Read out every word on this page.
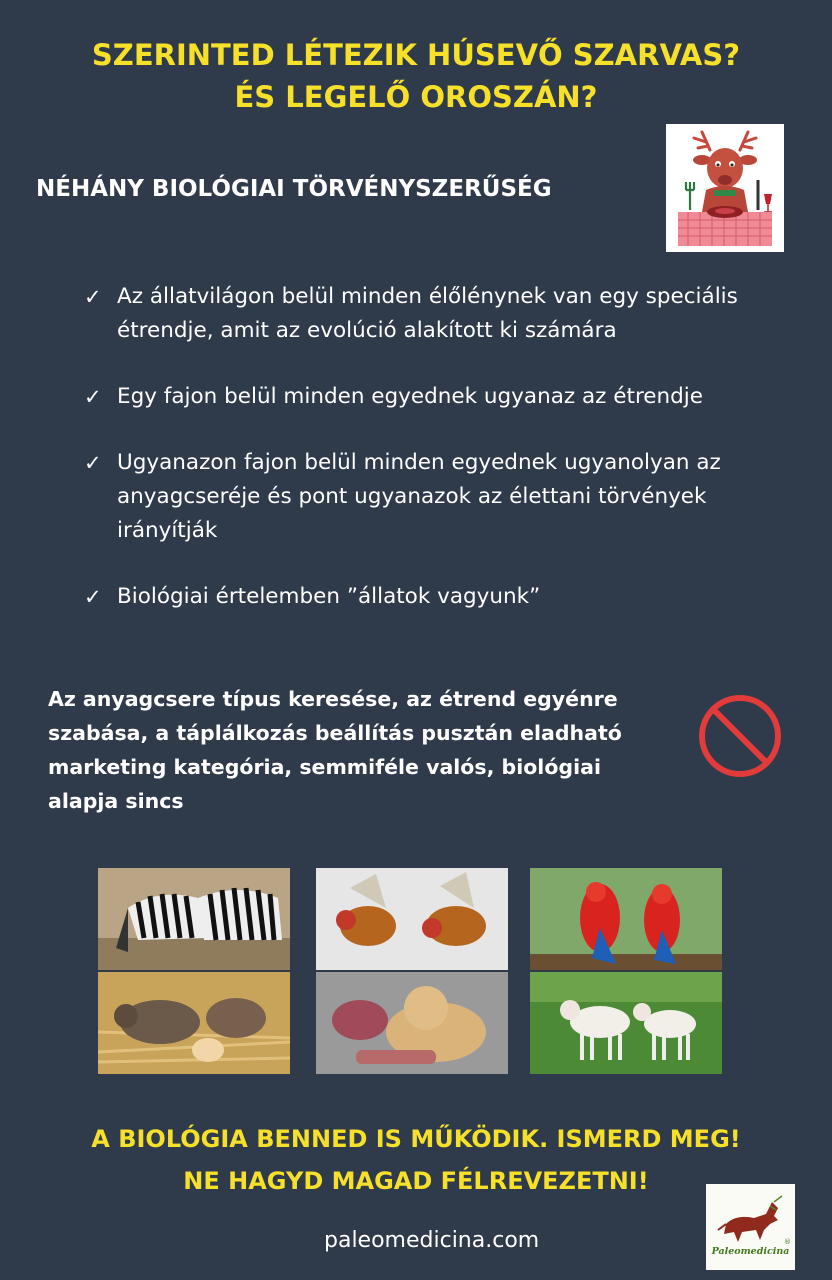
SZERINTED LÉTEZIK HÚSEVŐ SZARVAS?
ÉS LEGELŐ OROSZÁN?
NÉHÁNY BIOLÓGIAI TÖRVÉNYSZERŰSÉG
✓ Az állatvilágon belül minden élőlénynek van egy speciális étrendje, amit az evolúció alakított ki számára
✓ Egy fajon belül minden egyednek ugyanaz az étrendje
✓ Ugyanazon fajon belül minden egyednek ugyanolyan az anyagcseréje és pont ugyanazok az élettani törvények irányítják
✓ Biológiai értelemben ”állatok vagyunk”
Az anyagcsere típus keresése, az étrend egyénre szabása, a táplálkozás beállítás pusztán eladható marketing kategória, semmiféle valós, biológiai alapja sincs
A BIOLÓGIA BENNED IS MŰKÖDIK. ISMERD MEG!
NE HAGYD MAGAD FÉLREVEZETNI!
paleomedicina.com	Paleomedicina
®
